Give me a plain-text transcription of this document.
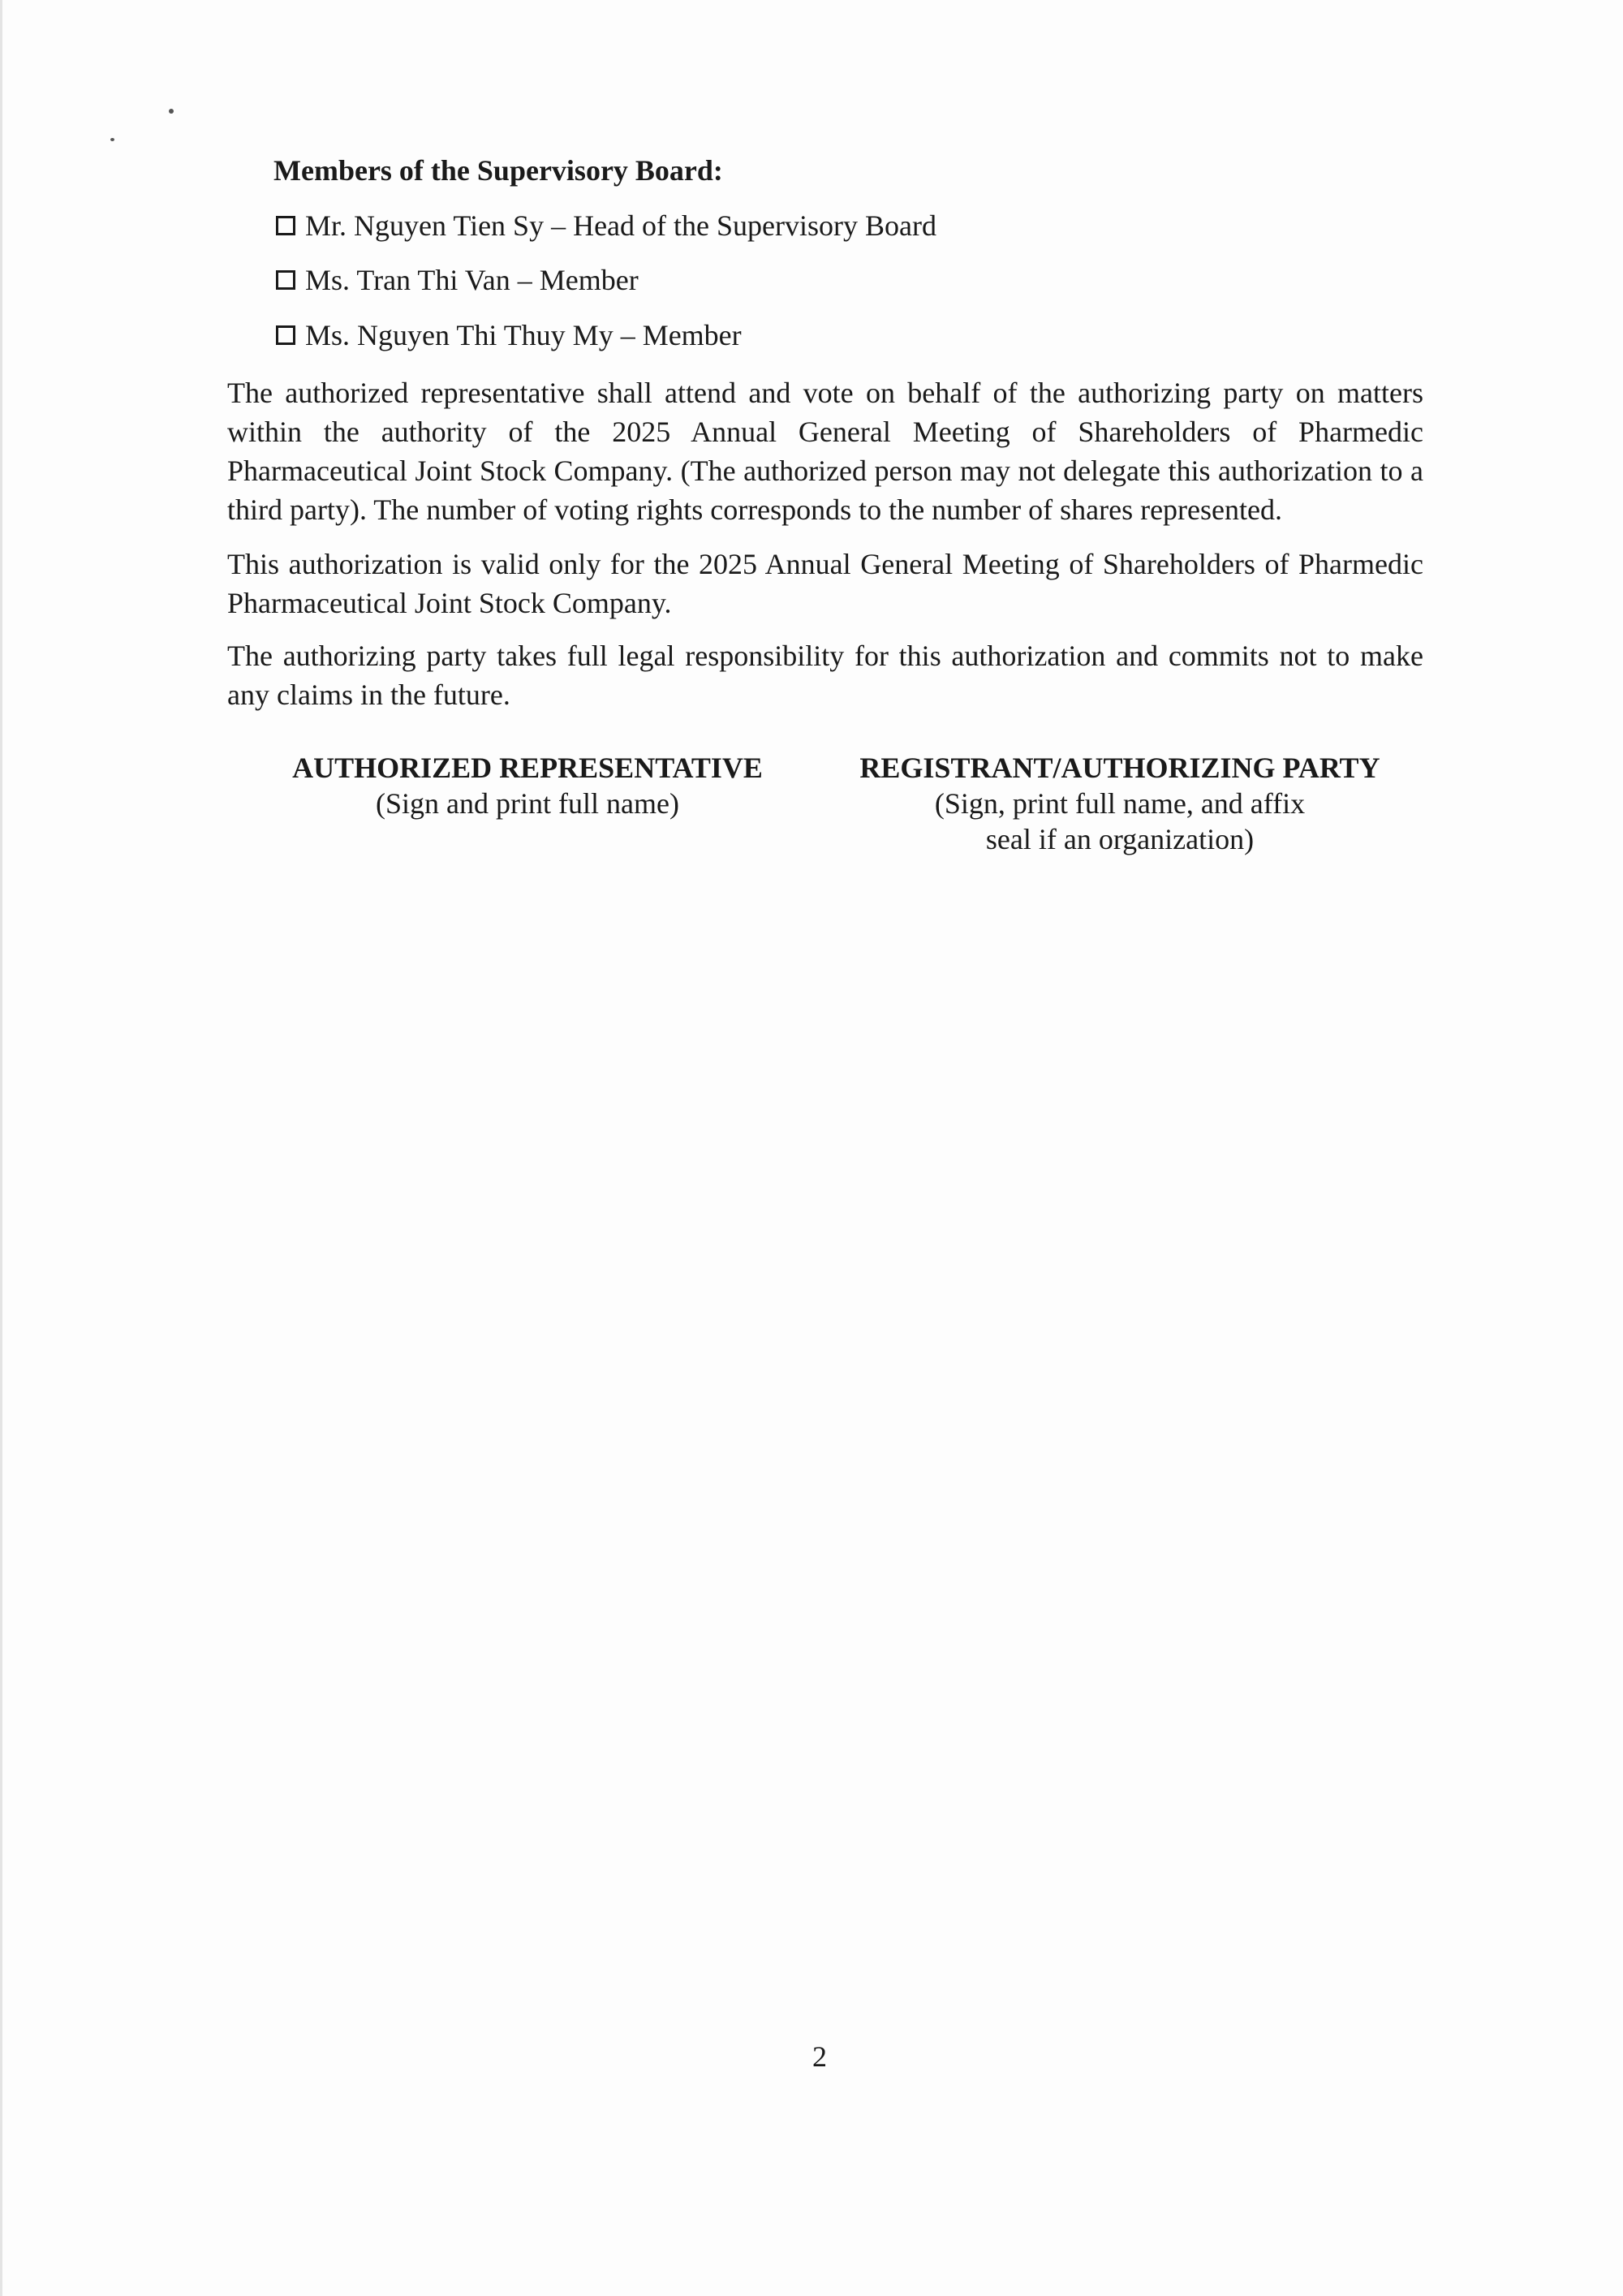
Members of the Supervisory Board:
Mr. Nguyen Tien Sy – Head of the Supervisory Board
Ms. Tran Thi Van – Member
Ms. Nguyen Thi Thuy My – Member
The authorized representative shall attend and vote on behalf of the authorizing party on matters within the authority of the 2025 Annual General Meeting of Shareholders of Pharmedic Pharmaceutical Joint Stock Company. (The authorized person may not delegate this authorization to a third party). The number of voting rights corresponds to the number of shares represented.
This authorization is valid only for the 2025 Annual General Meeting of Shareholders of Pharmedic Pharmaceutical Joint Stock Company.
The authorizing party takes full legal responsibility for this authorization and commits not to make any claims in the future.
AUTHORIZED REPRESENTATIVE
(Sign and print full name)
REGISTRANT/AUTHORIZING PARTY
(Sign, print full name, and affix seal if an organization)
2
